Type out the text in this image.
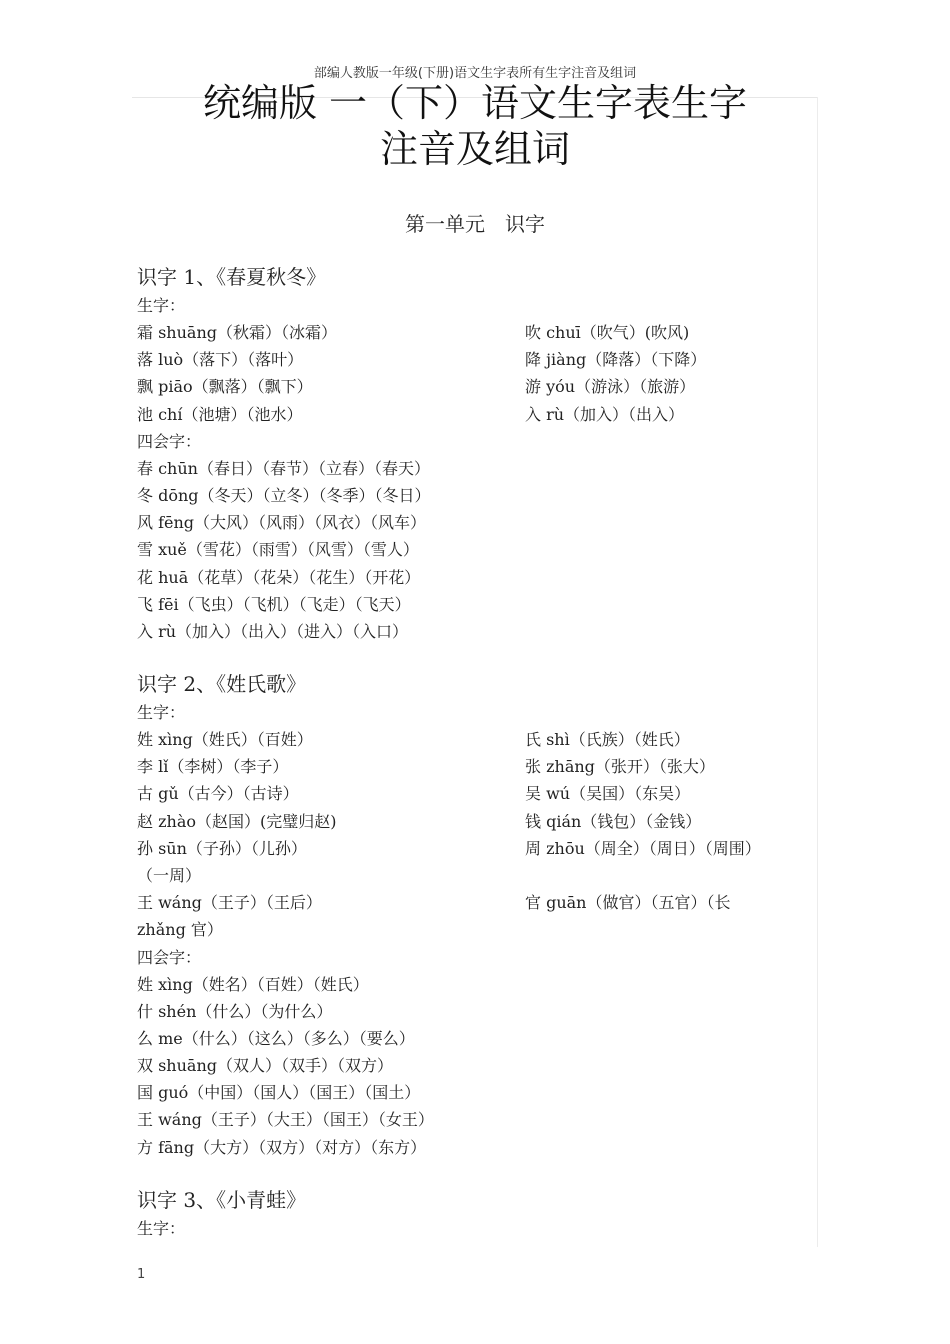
部编人教版一年级(下册)语文生字表所有生字注音及组词
统编版 一（下）语文生字表生字
注音及组词
第一单元　识字
识字 1、《春夏秋冬》
生字：
霜 shuāng（秋霜）（冰霜）	吹 chuī（吹气）(吹风)
落 luò（落下）（落叶）	降 jiàng（降落）（下降）
飘 piāo（飘落）（飘下）	游 yóu（游泳）（旅游）
池 chí（池塘）（池水）	入 rù（加入）（出入）
四会字：
春 chūn（春日）（春节）（立春）（春天）
冬 dōng（冬天）（立冬）（冬季）（冬日）
风 fēng（大风）（风雨）（风衣）（风车）
雪 xuě（雪花）（雨雪）（风雪）（雪人）
花 huā（花草）（花朵）（花生）（开花）
飞 fēi（飞虫）（飞机）（飞走）（飞天）
入 rù（加入）（出入）（进入）（入口）
识字 2、《姓氏歌》
生字：
姓 xìng（姓氏）（百姓）	氏 shì（氏族）（姓氏）
李 lǐ（李树）（李子）	张 zhāng（张开）（张大）
古 gǔ（古今）（古诗）	吴 wú（吴国）（东吴）
赵 zhào（赵国）(完璧归赵)	钱 qián（钱包）（金钱）
孙 sūn（子孙）（儿孙）	周 zhōu（周全）（周日）（周围）
（一周）
王 wáng（王子）（王后）	官 guān（做官）（五官）（长
zhǎng 官）
四会字：
姓 xìng（姓名）（百姓）（姓氏）
什 shén（什么）（为什么）
么 me（什么）（这么）（多么）（要么）
双 shuāng（双人）（双手）（双方）
国 guó（中国）（国人）（国王）（国土）
王 wáng（王子）（大王）（国王）（女王）
方 fāng（大方）（双方）（对方）（东方）
识字 3、《小青蛙》
生字：
1
